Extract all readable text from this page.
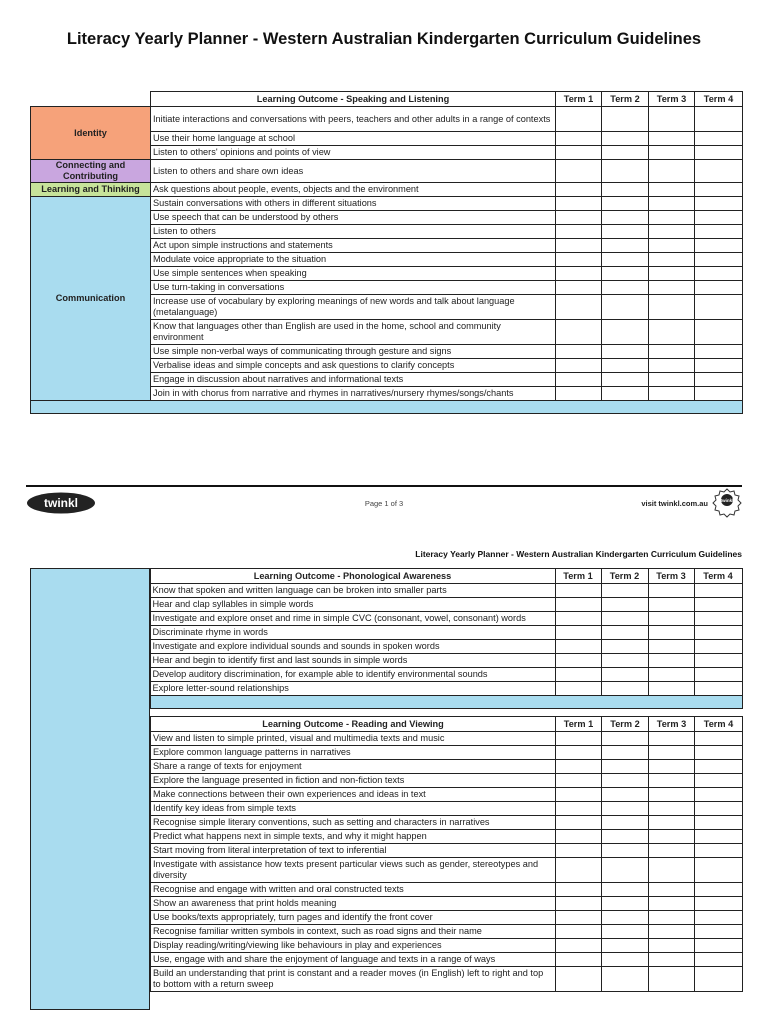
Literacy Yearly Planner - Western Australian Kindergarten Curriculum Guidelines
	Learning Outcome - Speaking and Listening	Term 1	Term 2	Term 3	Term 4
Identity	Initiate interactions and conversations with peers, teachers and other adults in a range of contexts				
	Use their home language at school				
	Listen to others' opinions and points of view				
Connecting and Contributing	Listen to others and share own ideas				
Learning and Thinking	Ask questions about people, events, objects and the environment				
Communication	Sustain conversations with others in different situations				
	Use speech that can be understood by others				
	Listen to others				
	Act upon simple instructions and statements				
	Modulate voice appropriate to the situation				
	Use simple sentences when speaking				
	Use turn-taking in conversations				
	Increase use of vocabulary by exploring meanings of new words and talk about language (metalanguage)				
	Know that languages other than English are used in the home, school and community environment				
	Use simple non-verbal ways of communicating through gesture and signs				
	Verbalise ideas and simple concepts and ask questions to clarify concepts				
	Engage in discussion about narratives and informational texts				
	Join in with chorus from narrative and rhymes in narratives/nursery rhymes/songs/chants				

twinkl	Page 1 of 3	visit twinkl.com.au	twinkl
Literacy Yearly Planner - Western Australian Kindergarten Curriculum Guidelines
	Learning Outcome - Phonological Awareness	Term 1	Term 2	Term 3	Term 4
	Know that spoken and written language can be broken into smaller parts				
	Hear and clap syllables in simple words				
	Investigate and explore onset and rime in simple CVC (consonant, vowel, consonant) words				
	Discriminate rhyme in words				
	Investigate and explore individual sounds and sounds in spoken words				
	Hear and begin to identify first and last sounds in simple words				
	Develop auditory discrimination, for example able to identify environmental sounds				
	Explore letter-sound relationships				

Learning Outcome - Reading and Viewing	Term 1	Term 2	Term 3	Term 4
View and listen to simple printed, visual and multimedia texts and music				
Explore common language patterns in narratives				
Share a range of texts for enjoyment				
Explore the language presented in fiction and non-fiction texts				
Make connections between their own experiences and ideas in text				
Identify key ideas from simple texts				
Recognise simple literary conventions, such as setting and characters in narratives				
Predict what happens next in simple texts, and why it might happen				
Start moving from literal interpretation of text to inferential				
Investigate with assistance how texts present particular views such as gender, stereotypes and diversity				
Recognise and engage with written and oral constructed texts				
Show an awareness that print holds meaning				
Use books/texts appropriately, turn pages and identify the front cover				
Recognise familiar written symbols in context, such as road signs and their name				
Display reading/writing/viewing like behaviours in play and experiences				
Use, engage with and share the enjoyment of language and texts in a range of ways				
Build an understanding that print is constant and a reader moves (in English) left to right and top to bottom with a return sweep				
